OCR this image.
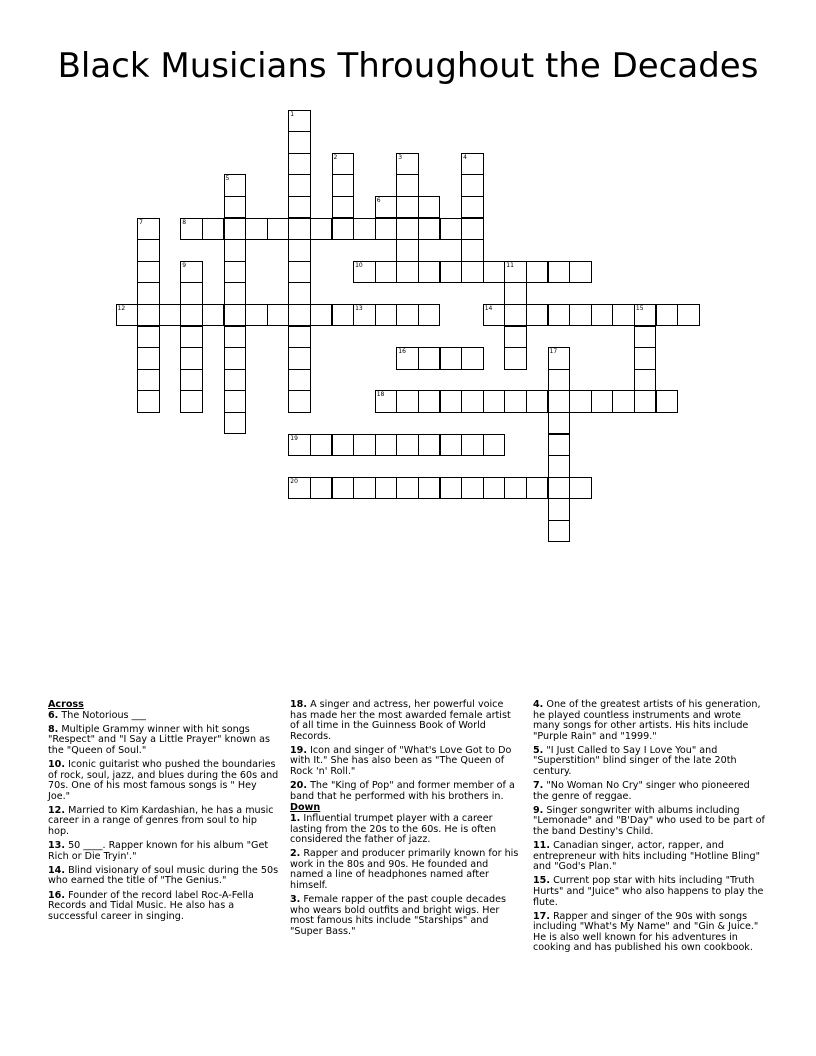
Black Musicians Throughout the Decades
6
8
10	11
12	13	14	15
16
18
19
20
1
2	3	4
5
7
9
17
Across
6. The Notorious ___
8. Multiple Grammy winner with hit songs "Respect" and "I Say a Little Prayer" known as the "Queen of Soul."
10. Iconic guitarist who pushed the boundaries of rock, soul, jazz, and blues during the 60s and 70s. One of his most famous songs is " Hey Joe."
12. Married to Kim Kardashian, he has a music career in a range of genres from soul to hip hop.
13. 50 ____. Rapper known for his album "Get Rich or Die Tryin'."
14. Blind visionary of soul music during the 50s who earned the title of "The Genius."
16. Founder of the record label Roc-A-Fella Records and Tidal Music. He also has a successful career in singing.
18. A singer and actress, her powerful voice has made her the most awarded female artist of all time in the Guinness Book of World Records.
19. Icon and singer of "What's Love Got to Do with It." She has also been as "The Queen of Rock 'n' Roll."
20. The "King of Pop" and former member of a band that he performed with his brothers in.
Down
1. Influential trumpet player with a career lasting from the 20s to the 60s. He is often considered the father of jazz.
2. Rapper and producer primarily known for his work in the 80s and 90s. He founded and named a line of headphones named after himself.
3. Female rapper of the past couple decades who wears bold outfits and bright wigs. Her most famous hits include "Starships" and "Super Bass."
4. One of the greatest artists of his generation, he played countless instruments and wrote many songs for other artists. His hits include "Purple Rain" and "1999."
5. "I Just Called to Say I Love You" and "Superstition" blind singer of the late 20th century.
7. "No Woman No Cry" singer who pioneered the genre of reggae.
9. Singer songwriter with albums including "Lemonade" and "B'Day" who used to be part of the band Destiny's Child.
11. Canadian singer, actor, rapper, and entrepreneur with hits including "Hotline Bling" and "God's Plan."
15. Current pop star with hits including "Truth Hurts" and "Juice" who also happens to play the flute.
17. Rapper and singer of the 90s with songs including "What's My Name" and "Gin & Juice." He is also well known for his adventures in cooking and has published his own cookbook.
